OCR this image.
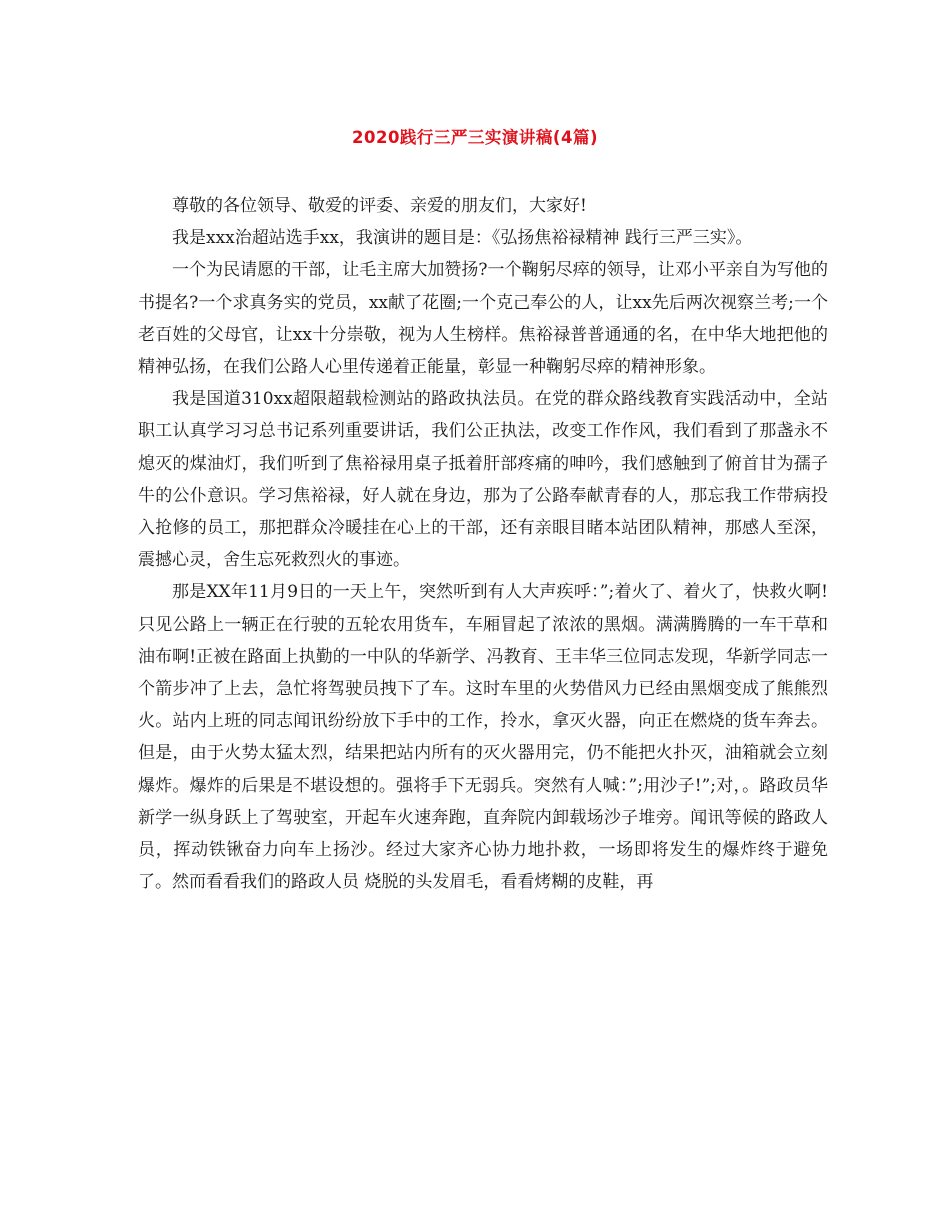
2020践行三严三实演讲稿(4篇)

尊敬的各位领导、敬爱的评委、亲爱的朋友们，大家好!

我是xxx治超站选手xx，我演讲的题目是：《弘扬焦裕禄精神 践行三严三实》。

一个为民请愿的干部，让毛主席大加赞扬?一个鞠躬尽瘁的领导，让邓小平亲自为写他的书提名?一个求真务实的党员，xx献了花圈;一个克己奉公的人，让xx先后两次视察兰考;一个老百姓的父母官，让xx十分崇敬，视为人生榜样。焦裕禄普普通通的名，在中华大地把他的精神弘扬，在我们公路人心里传递着正能量，彰显一种鞠躬尽瘁的精神形象。

我是国道310xx超限超载检测站的路政执法员。在党的群众路线教育实践活动中，全站职工认真学习习总书记系列重要讲话，我们公正执法，改变工作作风，我们看到了那盏永不熄灭的煤油灯，我们听到了焦裕禄用桌子抵着肝部疼痛的呻吟，我们感触到了俯首甘为孺子牛的公仆意识。学习焦裕禄，好人就在身边，那为了公路奉献青春的人，那忘我工作带病投入抢修的员工，那把群众冷暖挂在心上的干部，还有亲眼目睹本站团队精神，那感人至深，震撼心灵，舍生忘死救烈火的事迹。

那是XX年11月9日的一天上午，突然听到有人大声疾呼：”;着火了、着火了，快救火啊!只见公路上一辆正在行驶的五轮农用货车，车厢冒起了浓浓的黑烟。满满腾腾的一车干草和油布啊!正被在路面上执勤的一中队的华新学、冯教育、王丰华三位同志发现，华新学同志一个箭步冲了上去，急忙将驾驶员拽下了车。这时车里的火势借风力已经由黑烟变成了熊熊烈火。站内上班的同志闻讯纷纷放下手中的工作，拎水，拿灭火器，向正在燃烧的货车奔去。但是，由于火势太猛太烈，结果把站内所有的灭火器用完，仍不能把火扑灭，油箱就会立刻爆炸。爆炸的后果是不堪设想的。强将手下无弱兵。突然有人喊：”;用沙子!”;对，。路政员华新学一纵身跃上了驾驶室，开起车火速奔跑，直奔院内卸载场沙子堆旁。闻讯等候的路政人员，挥动铁锹奋力向车上扬沙。经过大家齐心协力地扑救，一场即将发生的爆炸终于避免了。然而看看我们的路政人员 烧脱的头发眉毛，看看烤糊的皮鞋，再
